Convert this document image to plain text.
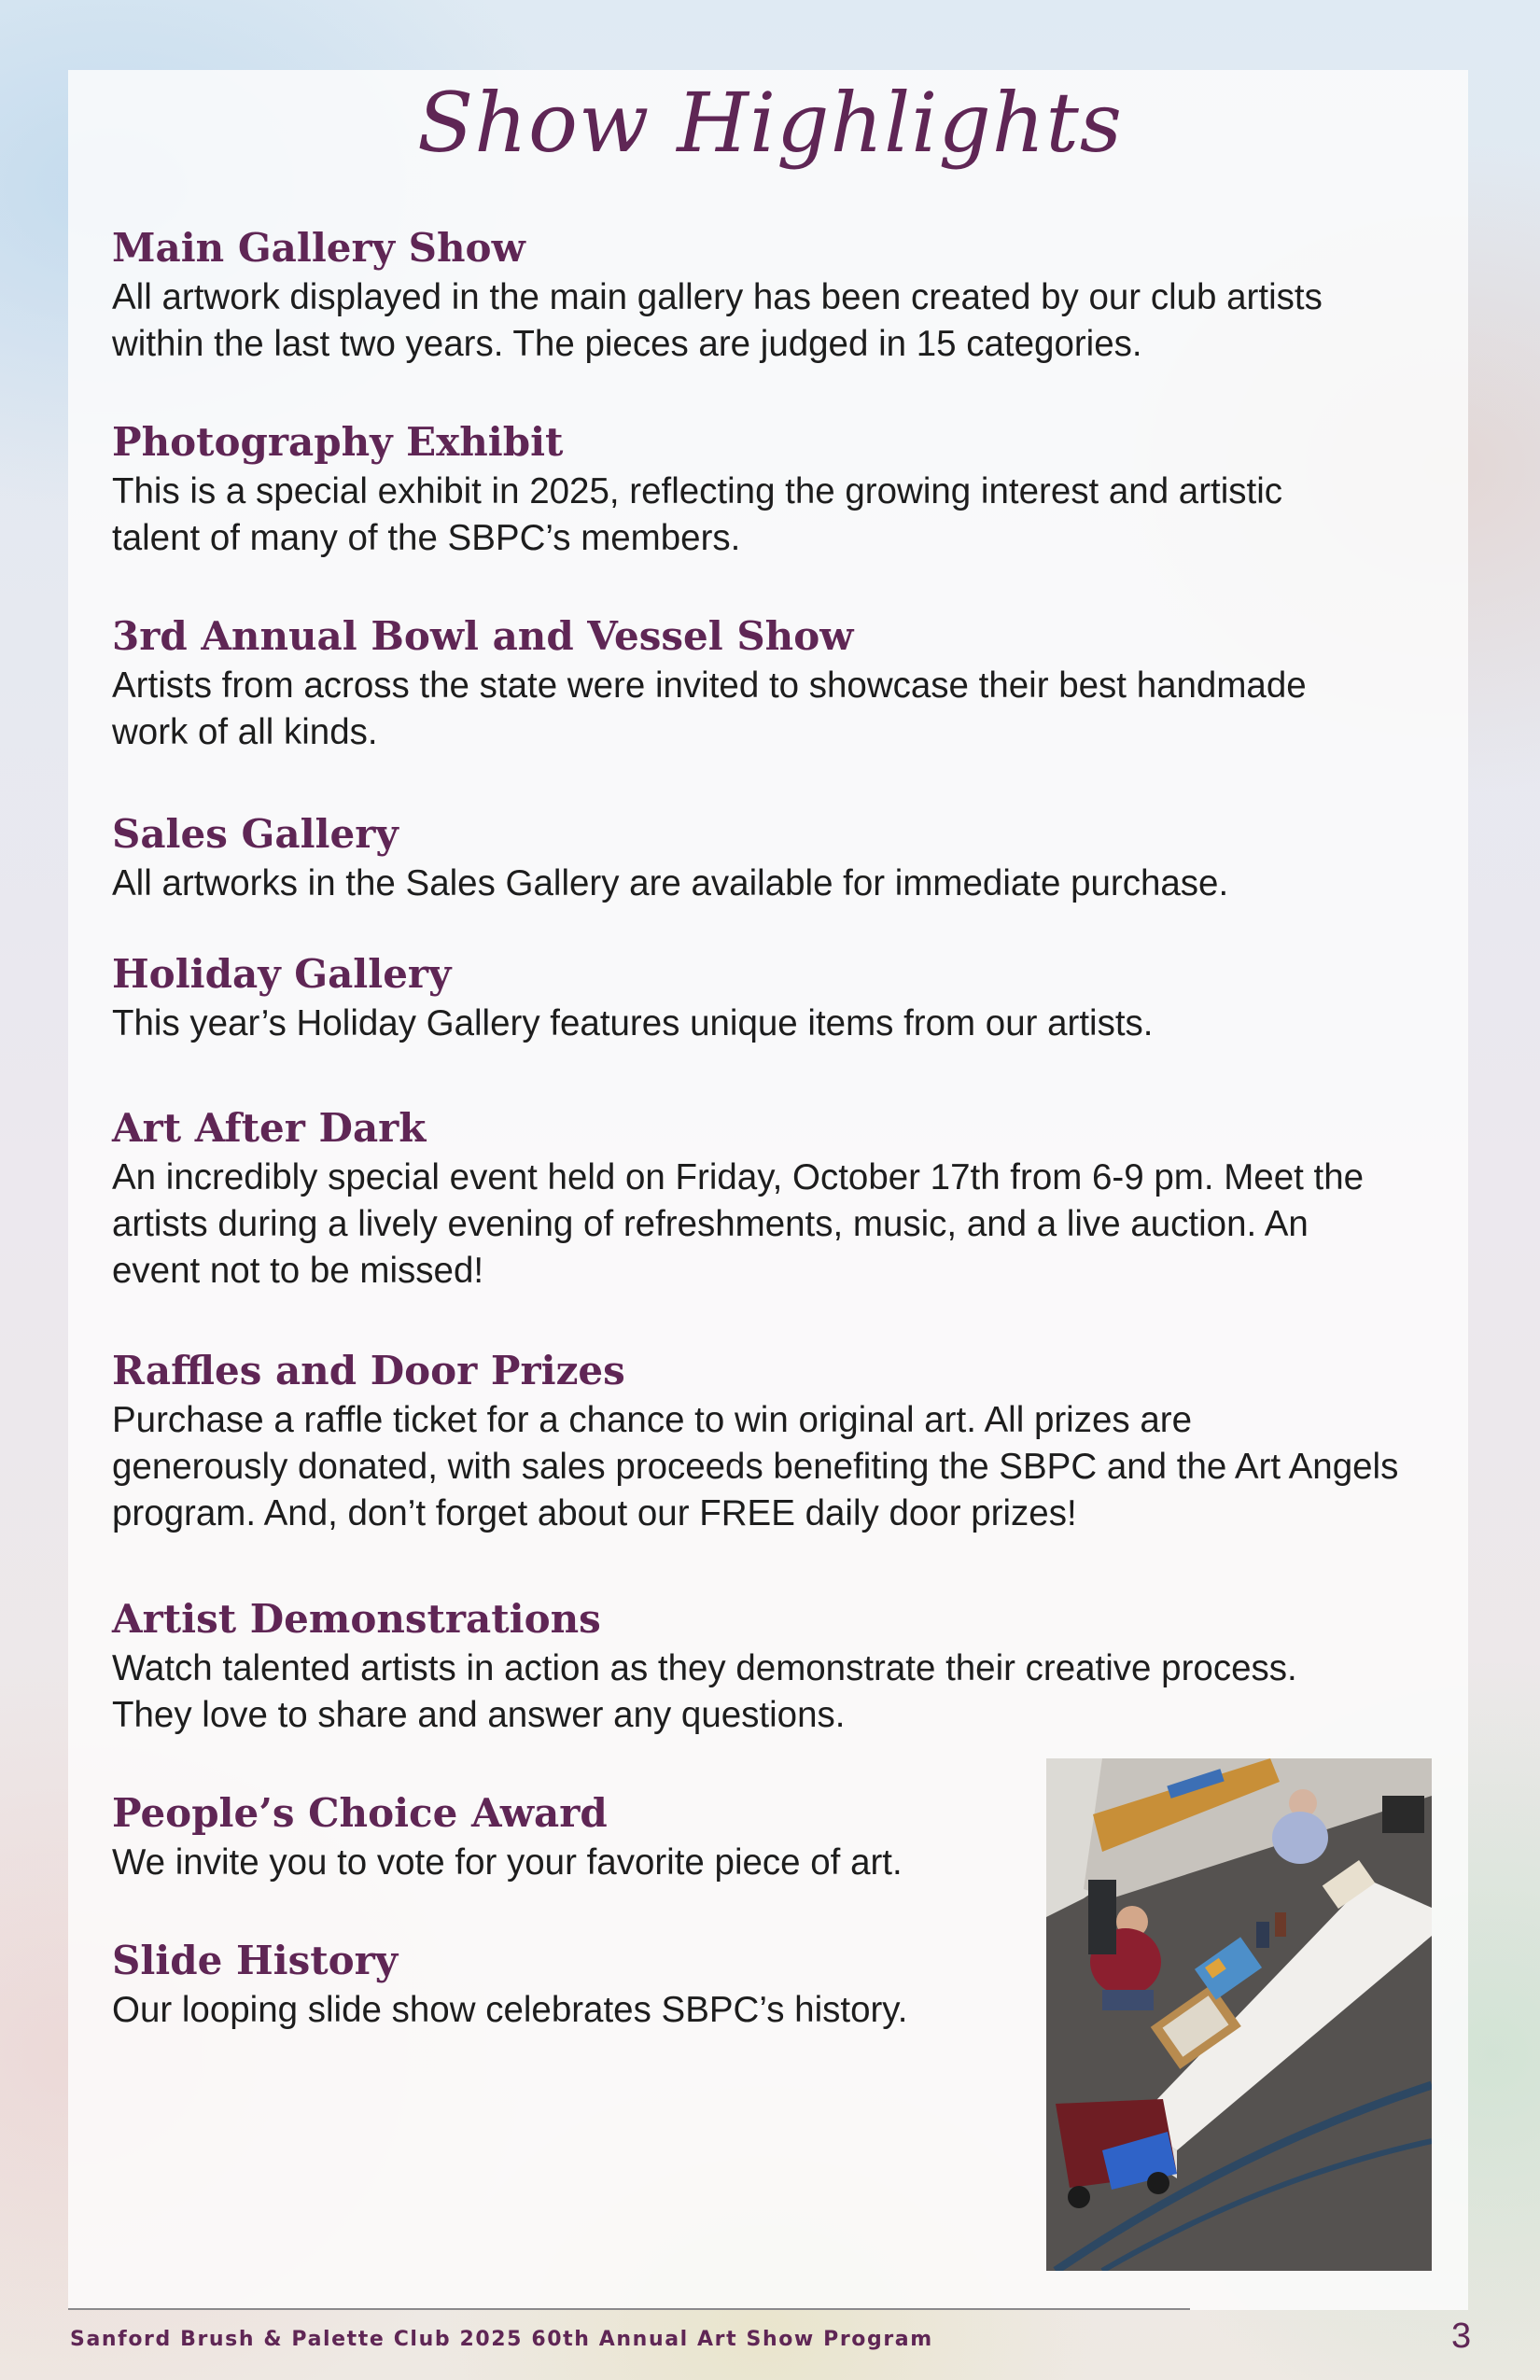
Show Highlights
Main Gallery Show

All artwork displayed in the main gallery has been created by our club artists

within the last two years. The pieces are judged in 15 categories.

Photography Exhibit

This is a special exhibit in 2025, reflecting the growing interest and artistic

talent of many of the SBPC’s members.

3rd Annual Bowl and Vessel Show

Artists from across the state were invited to showcase their best handmade

work of all kinds.

Sales Gallery

All artworks in the Sales Gallery are available for immediate purchase.

Holiday Gallery

This year’s Holiday Gallery features unique items from our artists.

Art After Dark

An incredibly special event held on Friday, October 17th from 6-9 pm. Meet the

artists during a lively evening of refreshments, music, and a live auction. An

event not to be missed!

Raffles and Door Prizes

Purchase a raffle ticket for a chance to win original art. All prizes are

generously donated, with sales proceeds benefiting the SBPC and the Art Angels

program. And, don’t forget about our FREE daily door prizes!

Artist Demonstrations

Watch talented artists in action as they demonstrate their creative process.

They love to share and answer any questions.

People’s Choice Award

We invite you to vote for your favorite piece of art.

Slide History

Our looping slide show celebrates SBPC’s history.

Sanford Brush & Palette Club 2025 60th Annual Art Show Program	3
